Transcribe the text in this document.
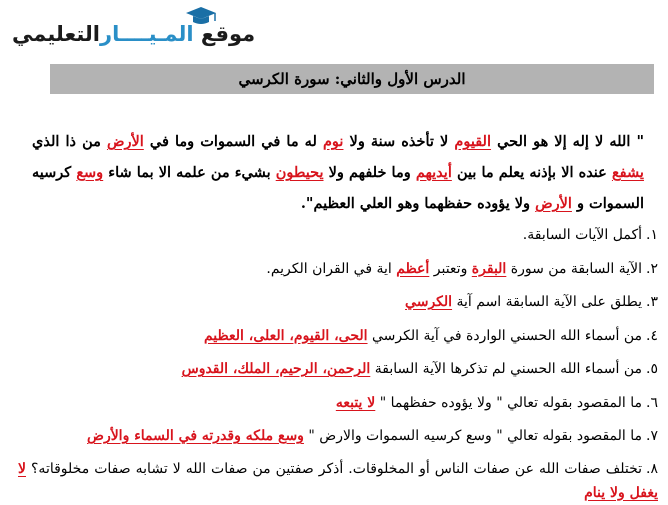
موقع المـيــــارالتعليمي
الدرس الأول والثاني: سورة الكرسي
" الله لا إله إلا هو الحي القيوم لا تأخذه سنة ولا نوم له ما في السموات وما في الأرض من ذا الذي يشفع عنده الا بإذنه يعلم ما بين أيديهم وما خلفهم ولا يحيطون بشيء من علمه الا بما شاء وسع كرسيه السموات و الأرض ولا يؤوده حفظهما وهو العلي العظيم".
١.أكمل الآيات السابقة.
٢.الآية السابقة من سورة البقرة وتعتبر أعظم اية في القران الكريم.
٣.يطلق على الآية السابقة اسم آية الكرسي
٤.من أسماء الله الحسني الواردة في آية الكرسي الحى، القيوم، العلى، العظيم
٥.من أسماء الله الحسني لم تذكرها الآية السابقة الرحمن، الرحيم، الملك، القدوس
٦.ما المقصود بقوله تعالي " ولا يؤوده حفظهما " لا يتبعه
٧.ما المقصود بقوله تعالي " وسع كرسيه السموات والارض " وسع ملكه وقدرته في السماء والأرض
٨.تختلف صفات الله عن صفات الناس أو المخلوقات. أذكر صفتين من صفات الله لا تشابه صفات مخلوقاته؟ لا يغفل ولا ينام
